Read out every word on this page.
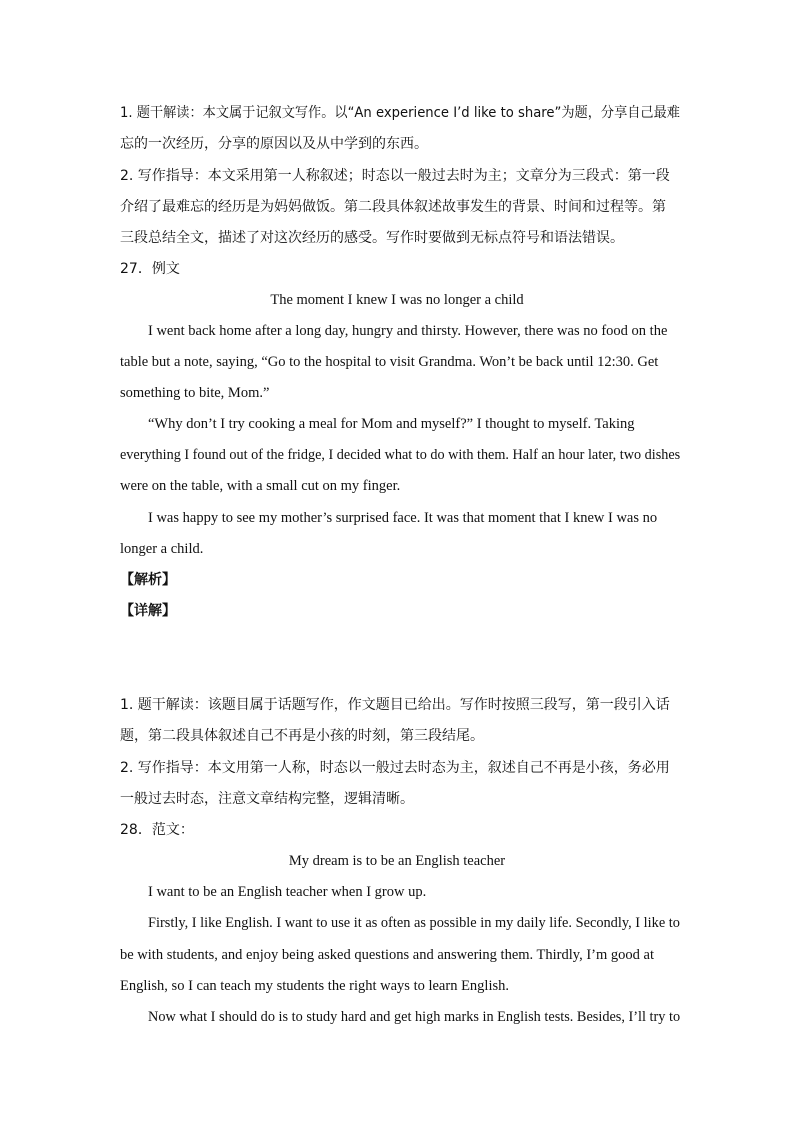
1. 题干解读：本文属于记叙文写作。以“An experience I’d like to share”为题，分享自己最难
忘的一次经历，分享的原因以及从中学到的东西。
2. 写作指导：本文采用第一人称叙述；时态以一般过去时为主；文章分为三段式：第一段
介绍了最难忘的经历是为妈妈做饭。第二段具体叙述故事发生的背景、时间和过程等。第
三段总结全文，描述了对这次经历的感受。写作时要做到无标点符号和语法错误。
27．例文
The moment I knew I was no longer a child
I went back home after a long day, hungry and thirsty. However, there was no food on the
table but a note, saying, “Go to the hospital to visit Grandma. Won’t be back until 12:30. Get
something to bite, Mom.”
“Why don’t I try cooking a meal for Mom and myself?” I thought to myself. Taking
everything I found out of the fridge, I decided what to do with them. Half an hour later, two dishes
were on the table, with a small cut on my finger.
I was happy to see my mother’s surprised face. It was that moment that I knew I was no
longer a child.
【解析】
【详解】
1. 题干解读：该题目属于话题写作，作文题目已给出。写作时按照三段写，第一段引入话
题，第二段具体叙述自己不再是小孩的时刻，第三段结尾。
2. 写作指导：本文用第一人称，时态以一般过去时态为主，叙述自己不再是小孩，务必用
一般过去时态，注意文章结构完整，逻辑清晰。
28．范文：
My dream is to be an English teacher
I want to be an English teacher when I grow up.
Firstly, I like English. I want to use it as often as possible in my daily life. Secondly, I like to
be with students, and enjoy being asked questions and answering them. Thirdly, I’m good at
English, so I can teach my students the right ways to learn English.
Now what I should do is to study hard and get high marks in English tests. Besides, I’ll try to
